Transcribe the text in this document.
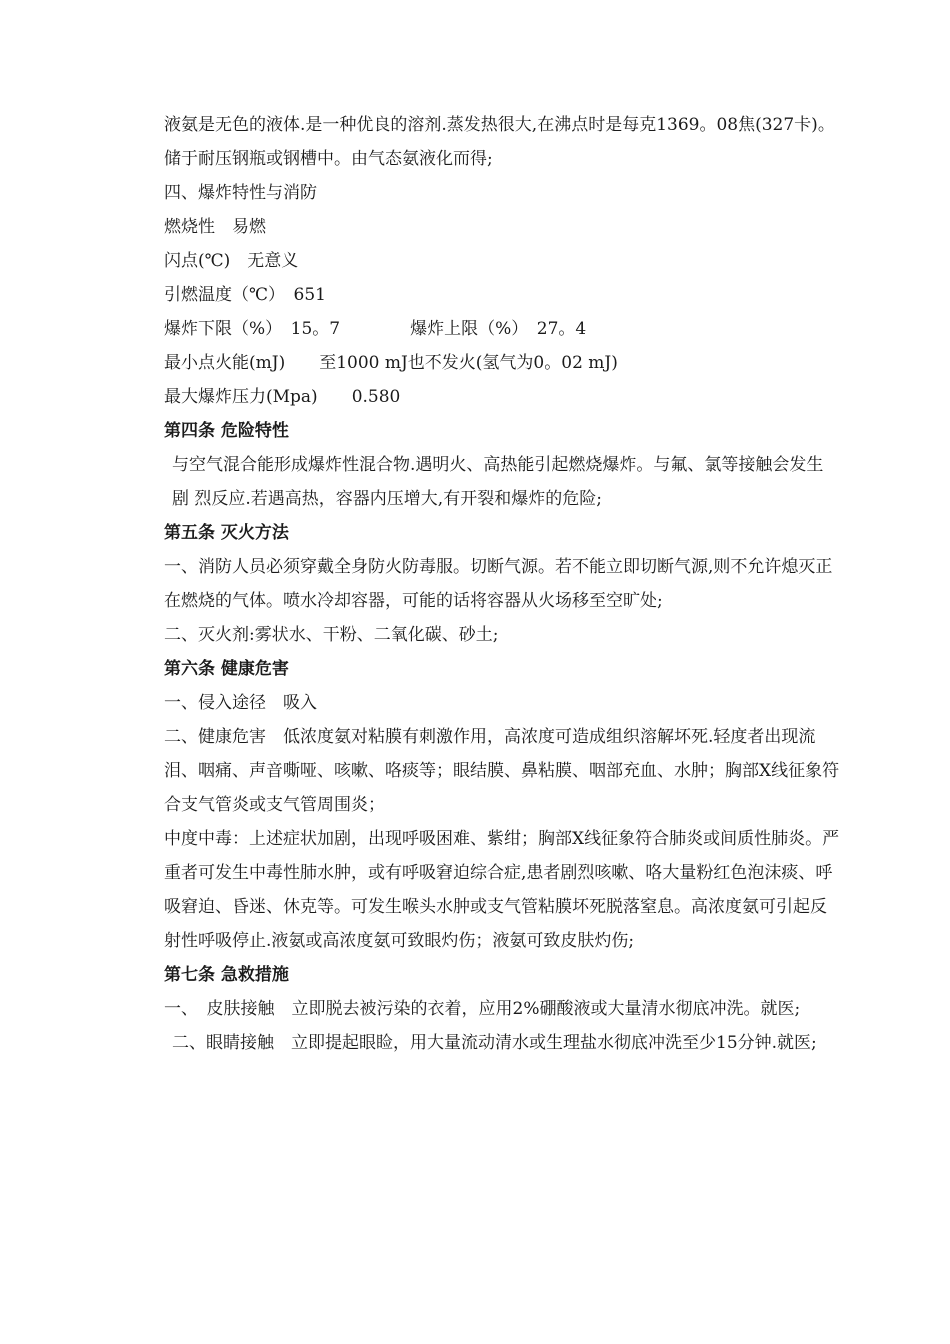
液氨是无色的液体.是一种优良的溶剂.蒸发热很大,在沸点时是每克1369。08焦(327卡)。储于耐压钢瓶或钢槽中。由气态氨液化而得;

四、爆炸特性与消防
燃烧性　易燃
闪点(℃)　无意义
引燃温度（℃）　651
爆炸下限（%）　15。7	爆炸上限（%）　27。4
最小点火能(mJ)　　至1000 mJ也不发火(氢气为0。02 mJ)
最大爆炸压力(Mpa)　　0.580
第四条 危险特性

与空气混合能形成爆炸性混合物.遇明火、高热能引起燃烧爆炸。与氟、氯等接触会发生　剧 烈反应.若遇高热，容器内压增大,有开裂和爆炸的危险;

第五条 灭火方法

一、消防人员必须穿戴全身防火防毒服。切断气源。若不能立即切断气源,则不允许熄灭正在燃烧的气体。喷水冷却容器，可能的话将容器从火场移至空旷处;

二、灭火剂:雾状水、干粉、二氧化碳、砂土;

第六条 健康危害

一、侵入途径　吸入

二、健康危害　低浓度氨对粘膜有刺激作用，高浓度可造成组织溶解坏死.轻度者出现流泪、咽痛、声音嘶哑、咳嗽、咯痰等；眼结膜、鼻粘膜、咽部充血、水肿；胸部X线征象符合支气管炎或支气管周围炎；

中度中毒：上述症状加剧，出现呼吸困难、紫绀；胸部X线征象符合肺炎或间质性肺炎。严重者可发生中毒性肺水肿，或有呼吸窘迫综合症,患者剧烈咳嗽、咯大量粉红色泡沫痰、呼吸窘迫、昏迷、休克等。可发生喉头水肿或支气管粘膜坏死脱落窒息。高浓度氨可引起反射性呼吸停止.液氨或高浓度氨可致眼灼伤；液氨可致皮肤灼伤;

第七条 急救措施

一、　皮肤接触　立即脱去被污染的衣着，应用2%硼酸液或大量清水彻底冲洗。就医;

二、眼睛接触　立即提起眼睑，用大量流动清水或生理盐水彻底冲洗至少15分钟.就医;
